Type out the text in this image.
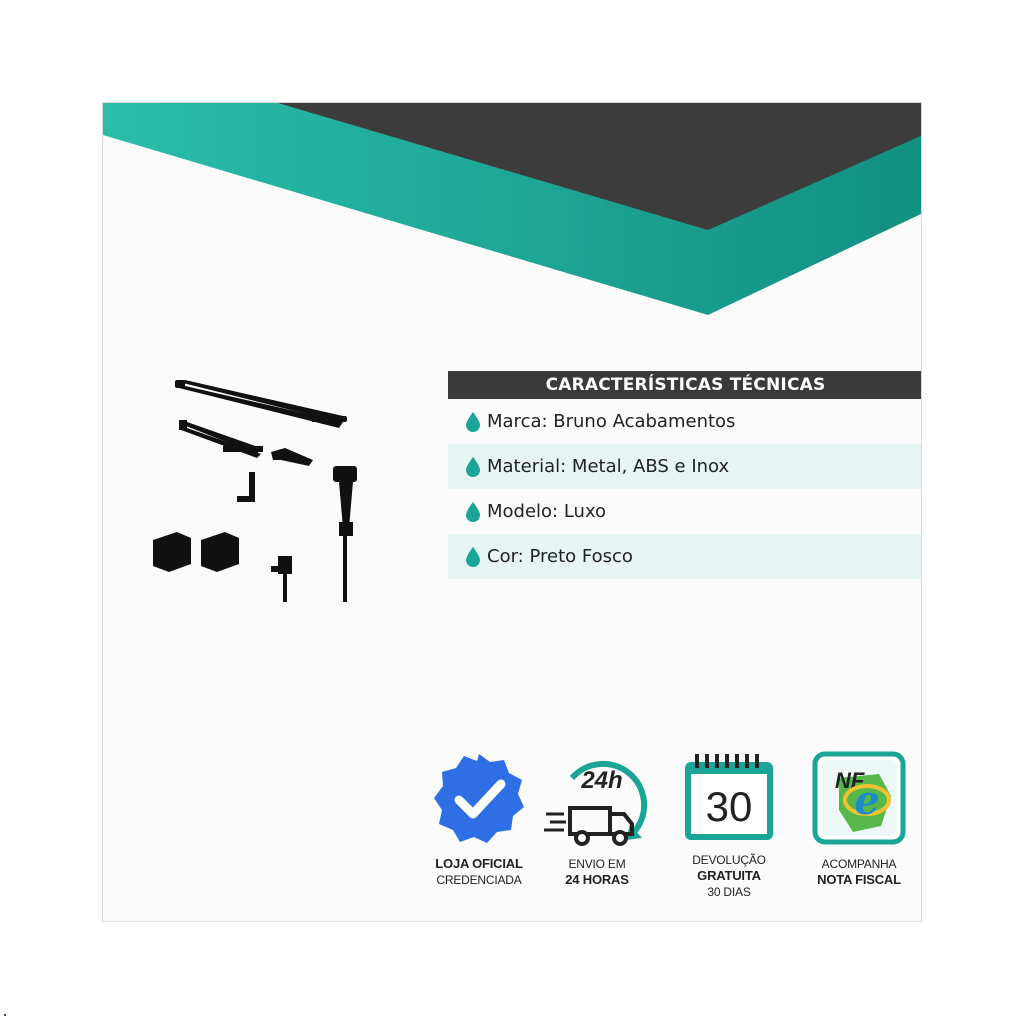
CARACTERÍSTICAS TÉCNICAS
Marca: Bruno Acabamentos
Material: Metal, ABS e Inox
Modelo: Luxo
Cor: Preto Fosco
LOJA OFICIAL
CREDENCIADA
24h
ENVIO EM
24 HORAS
30
DEVOLUÇÃO
GRATUITA
30 DIAS
NF
e
ACOMPANHA
NOTA FISCAL
